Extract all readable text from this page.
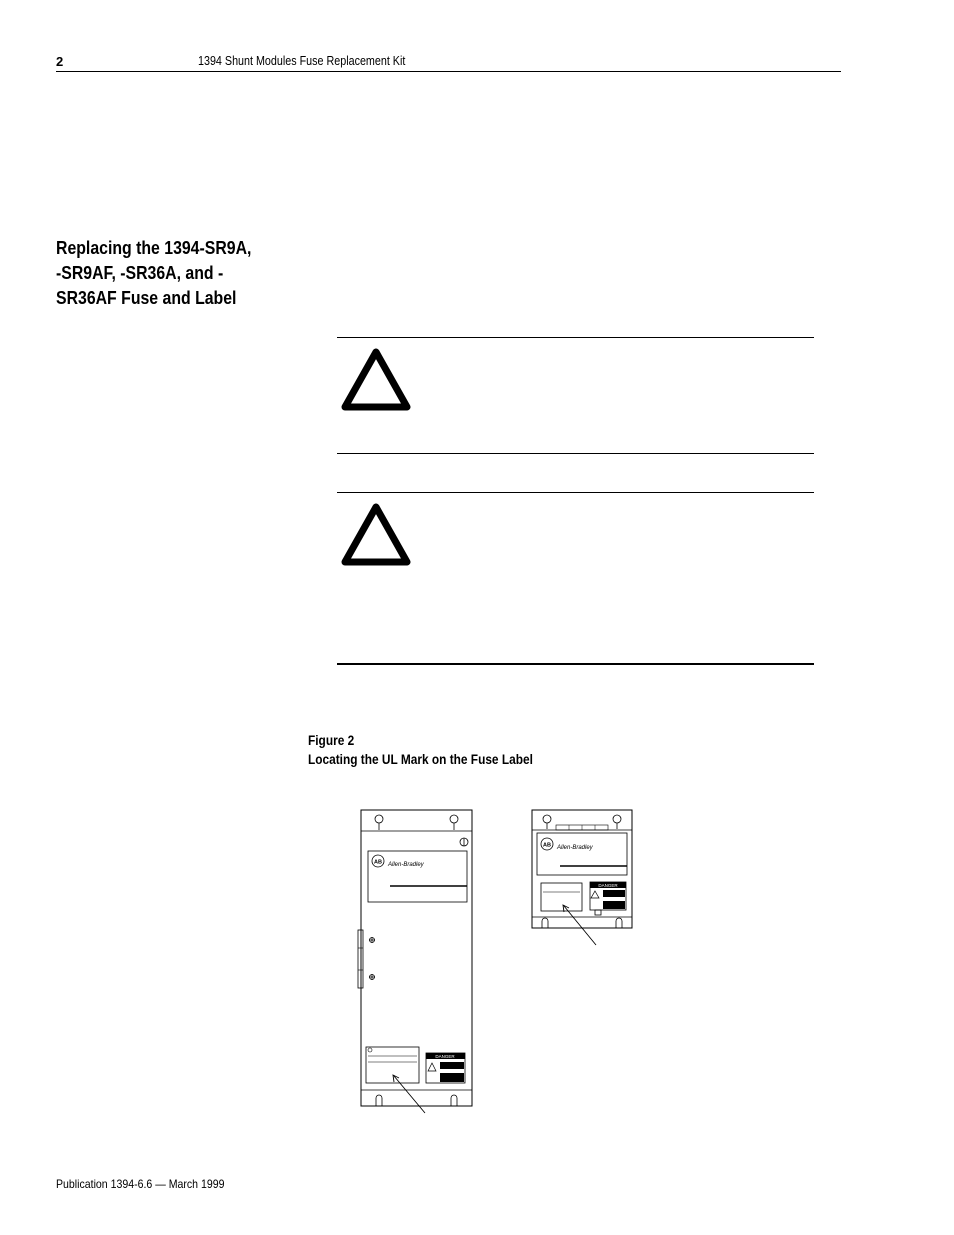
2	1394 Shunt Modules Fuse Replacement Kit
Replacing the 1394-SR9A,
-SR9AF, -SR36A, and -
SR36AF Fuse and Label
Figure 2
Locating the UL Mark on the Fuse Label
AB Allen-Bradley
DANGER
AB Allen-Bradley
DANGER
Publication 1394-6.6 — March 1999
